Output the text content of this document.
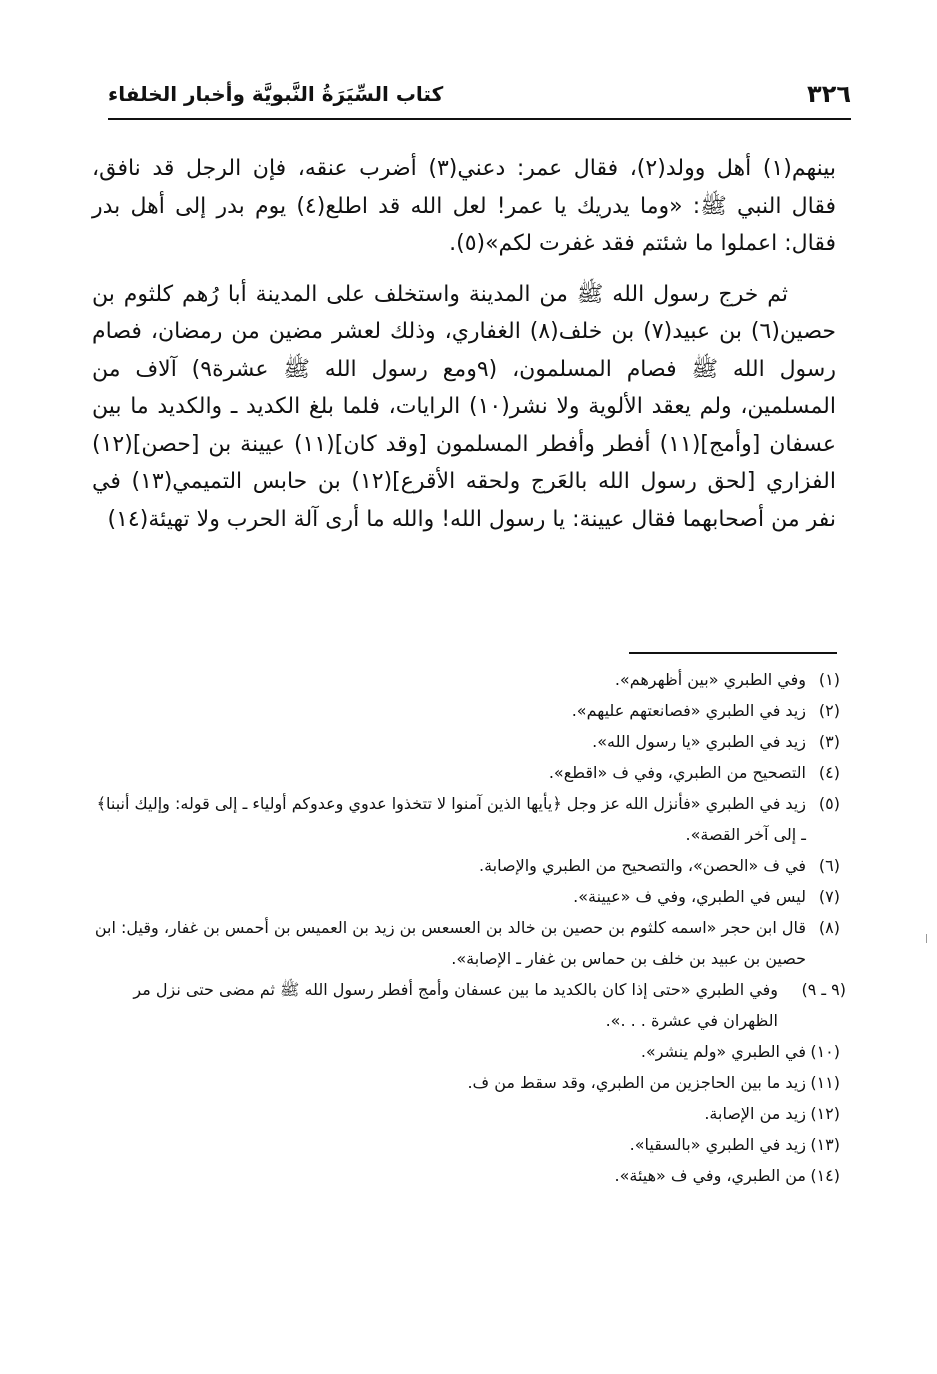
٣٢٦
كتاب السِّيَرَةُ النَّبويَّة وأخبار الخلفاء

بينهم(١) أهل وولد(٢)، فقال عمر: دعني(٣) أضرب عنقه، فإن الرجل قد نافق، فقال النبي ﷺ: «وما يدريك يا عمر! لعل الله قد اطلع(٤) يوم بدر إلى أهل بدر فقال: اعملوا ما شئتم فقد غفرت لكم»(٥).

ثم خرج رسول الله ﷺ من المدينة واستخلف على المدينة أبا رُهم كلثوم بن حصين(٦) بن عبيد(٧) بن خلف(٨) الغفاري، وذلك لعشر مضين من رمضان، فصام رسول الله ﷺ فصام المسلمون، (٩ومع رسول الله ﷺ عشرة٩) آلاف من المسلمين، ولم يعقد الألوية ولا نشر(١٠) الرايات، فلما بلغ الكديد ـ والكديد ما بين عسفان [وأمج](١١) أفطر وأفطر المسلمون [وقد كان](١١) عيينة بن [حصن](١٢) الفزاري [لحق رسول الله بالعَرج ولحقه الأقرع](١٢) بن حابس التميمي(١٣) في نفر من أصحابهما فقال عيينة: يا رسول الله! والله ما أرى آلة الحرب ولا تهيئة(١٤)

(١)
وفي الطبري «بين أظهرهم».
(٢)
زيد في الطبري «فصانعتهم عليهم».
(٣)
زيد في الطبري «يا رسول الله».
(٤)
التصحيح من الطبري، وفي ف «اقطع».
(٥)
زيد في الطبري «فأنزل الله عز وجل ﴿يأيها الذين آمنوا لا تتخذوا عدوي وعدوكم أولياء ـ إلى قوله: وإليك أنبنا﴾ ـ إلى آخر القصة».
(٦)
في ف «الحصن»، والتصحيح من الطبري والإصابة.
(٧)
ليس في الطبري، وفي ف «عيينة».
(٨)
قال ابن حجر «اسمه كلثوم بن حصين بن خالد بن العسعس بن زيد بن العميس بن أحمس بن غفار، وقيل: ابن حصين بن عبيد بن خلف بن حماس بن غفار ـ الإصابة».
(٩ ـ ٩)
وفي الطبري «حتى إذا كان بالكديد ما بين عسفان وأمج أفطر رسول الله ﷺ ثم مضى حتى نزل مر الظهران في عشرة . . .».
(١٠)
في الطبري «ولم ينشر».
(١١)
زيد ما بين الحاجزين من الطبري، وقد سقط من ف.
(١٢)
زيد من الإصابة.
(١٣)
زيد في الطبري «بالسقيا».
(١٤)
من الطبري، وفي ف «هيئة».
